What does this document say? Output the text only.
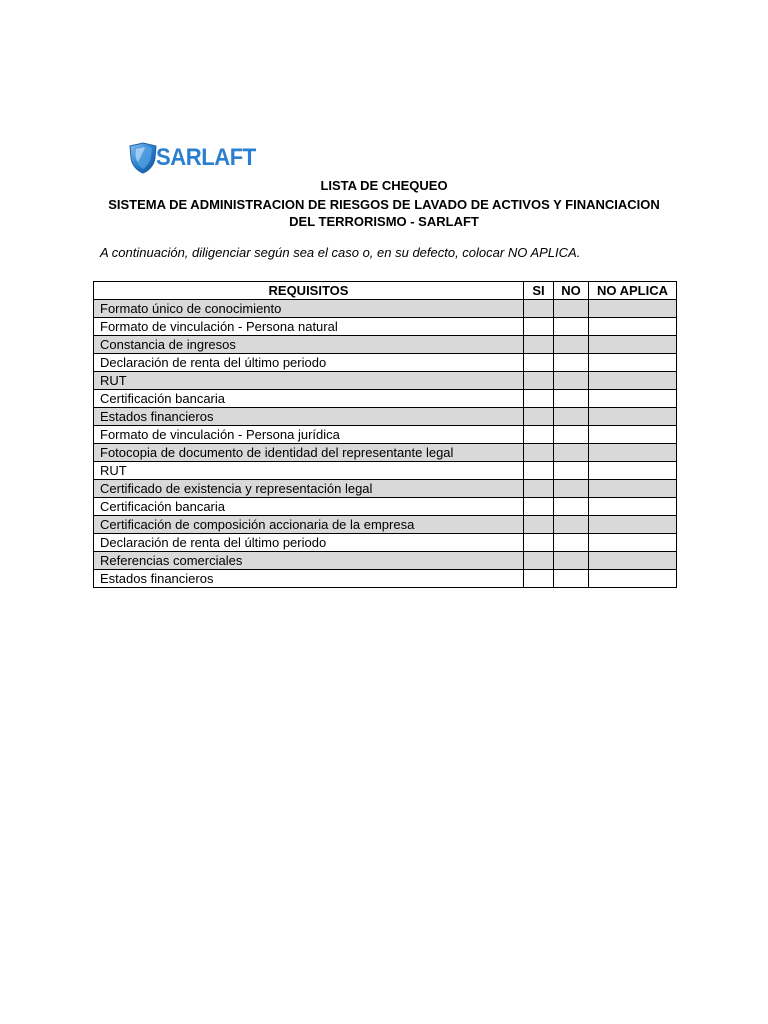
SARLAFT
LISTA DE CHEQUEO
SISTEMA DE ADMINISTRACION DE RIESGOS DE LAVADO DE ACTIVOS Y FINANCIACION DEL TERRORISMO - SARLAFT
A continuación, diligenciar según sea el caso o, en su defecto, colocar NO APLICA.
REQUISITOS	SI	NO	NO APLICA
Formato único de conocimiento			
Formato de vinculación - Persona natural			
Constancia de ingresos			
Declaración de renta del último periodo			
RUT			
Certificación bancaria			
Estados financieros			
Formato de vinculación - Persona jurídica			
Fotocopia de documento de identidad del representante legal			
RUT			
Certificado de existencia y representación legal			
Certificación bancaria			
Certificación de composición accionaria de la empresa			
Declaración de renta del último periodo			
Referencias comerciales			
Estados financieros			
